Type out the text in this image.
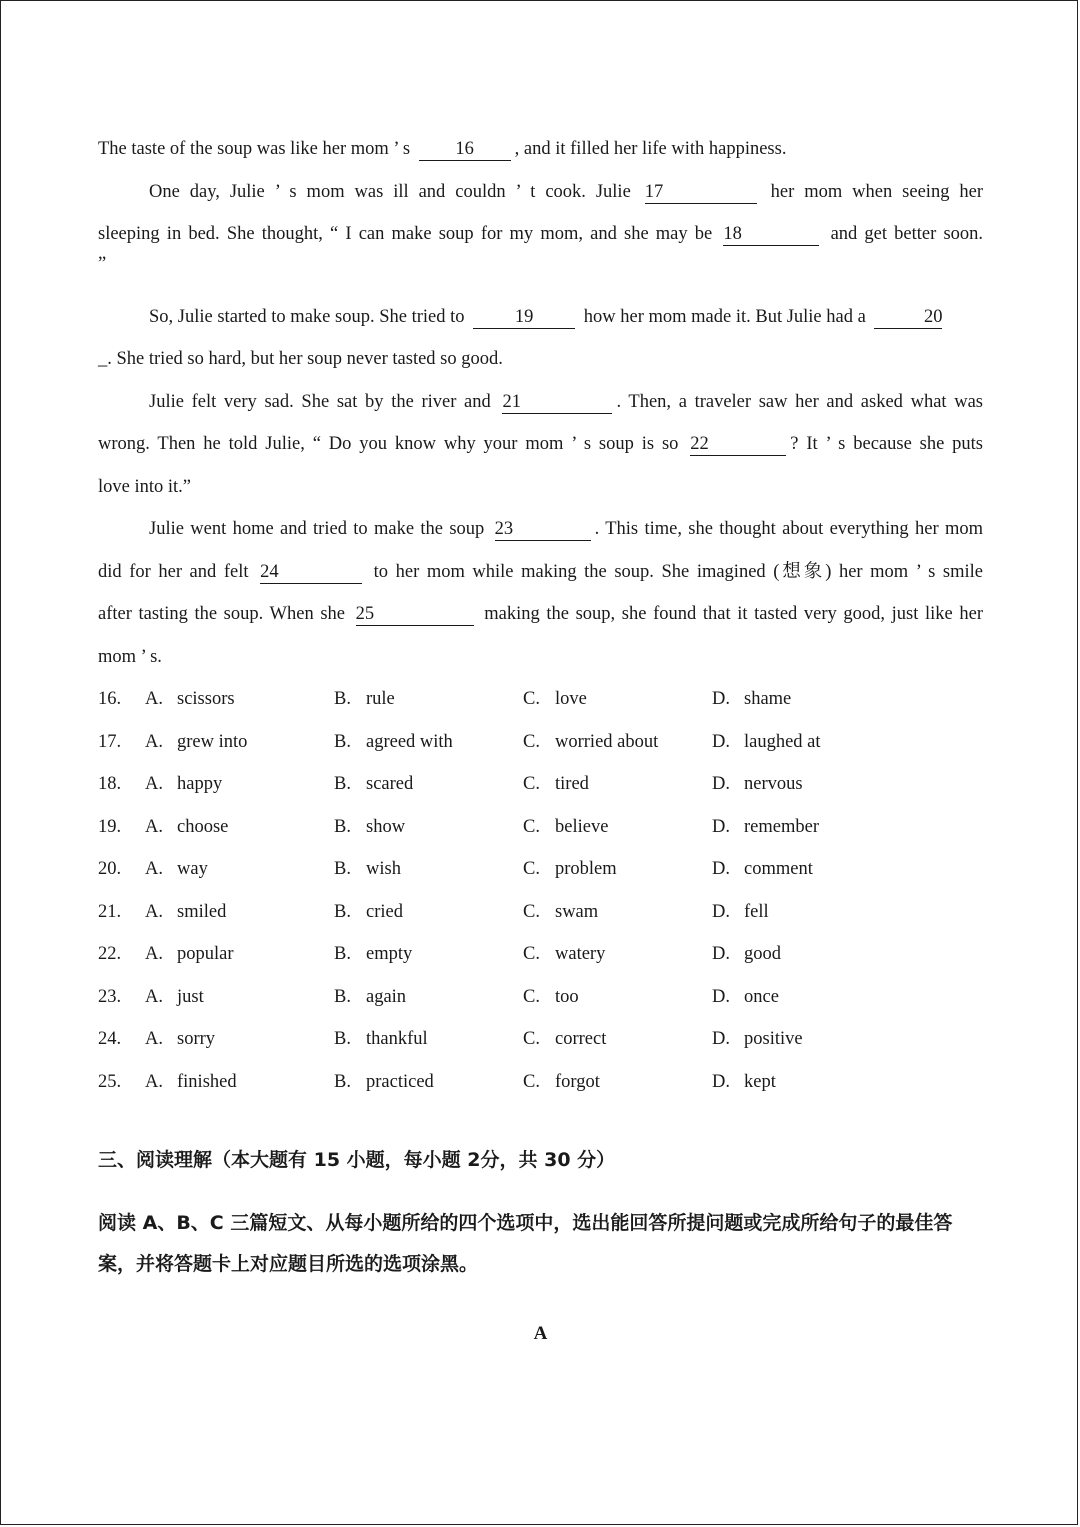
The taste of the soup was like her mom ’ s 16 , and it filled her life with happiness.
One day, Julie ’ s mom was ill and couldn ’ t cook. Julie 17	her mom when seeing her
sleeping in bed. She thought, “ I can make soup for my mom, and she may be 18	and get better soon.
”
So, Julie started to make soup. She tried to	19	how her mom made it. But Julie had a	20
_. She tried so hard, but her soup never tasted so good.
Julie felt very sad. She sat by the river and 21	. Then, a traveler saw her and asked what was
wrong. Then he told Julie, “ Do you know why your mom ’ s soup is so 22	? It ’ s because she puts
love into it.”
Julie went home and tried to make the soup 23	. This time, she thought about everything her mom
did for her and felt 24	to her mom while making the soup. She imagined (想象) her mom ’ s smile
after tasting the soup. When she 25	making the soup, she found that it tasted very good, just like her
mom ’ s.
16.	A. scissors	B. rule	C. love	D. shame
17.	A. grew into	B. agreed with	C. worried about	D. laughed at
18.	A. happy	B. scared	C. tired	D. nervous
19.	A. choose	B. show	C. believe	D. remember
20.	A. way	B. wish	C. problem	D. comment
21.	A. smiled	B. cried	C. swam	D. fell
22.	A. popular	B. empty	C. watery	D. good
23.	A. just	B. again	C. too	D. once
24.	A. sorry	B. thankful	C. correct	D. positive
25.	A. finished	B. practiced	C. forgot	D. kept
三、阅读理解（本大题有 15 小题，每小题 2分，共 30 分）
阅读 A、B、C 三篇短文、从每小题所给的四个选项中，选出能回答所提问题或完成所给句子的最佳答案，并将答题卡上对应题目所选的选项涂黑。
A
